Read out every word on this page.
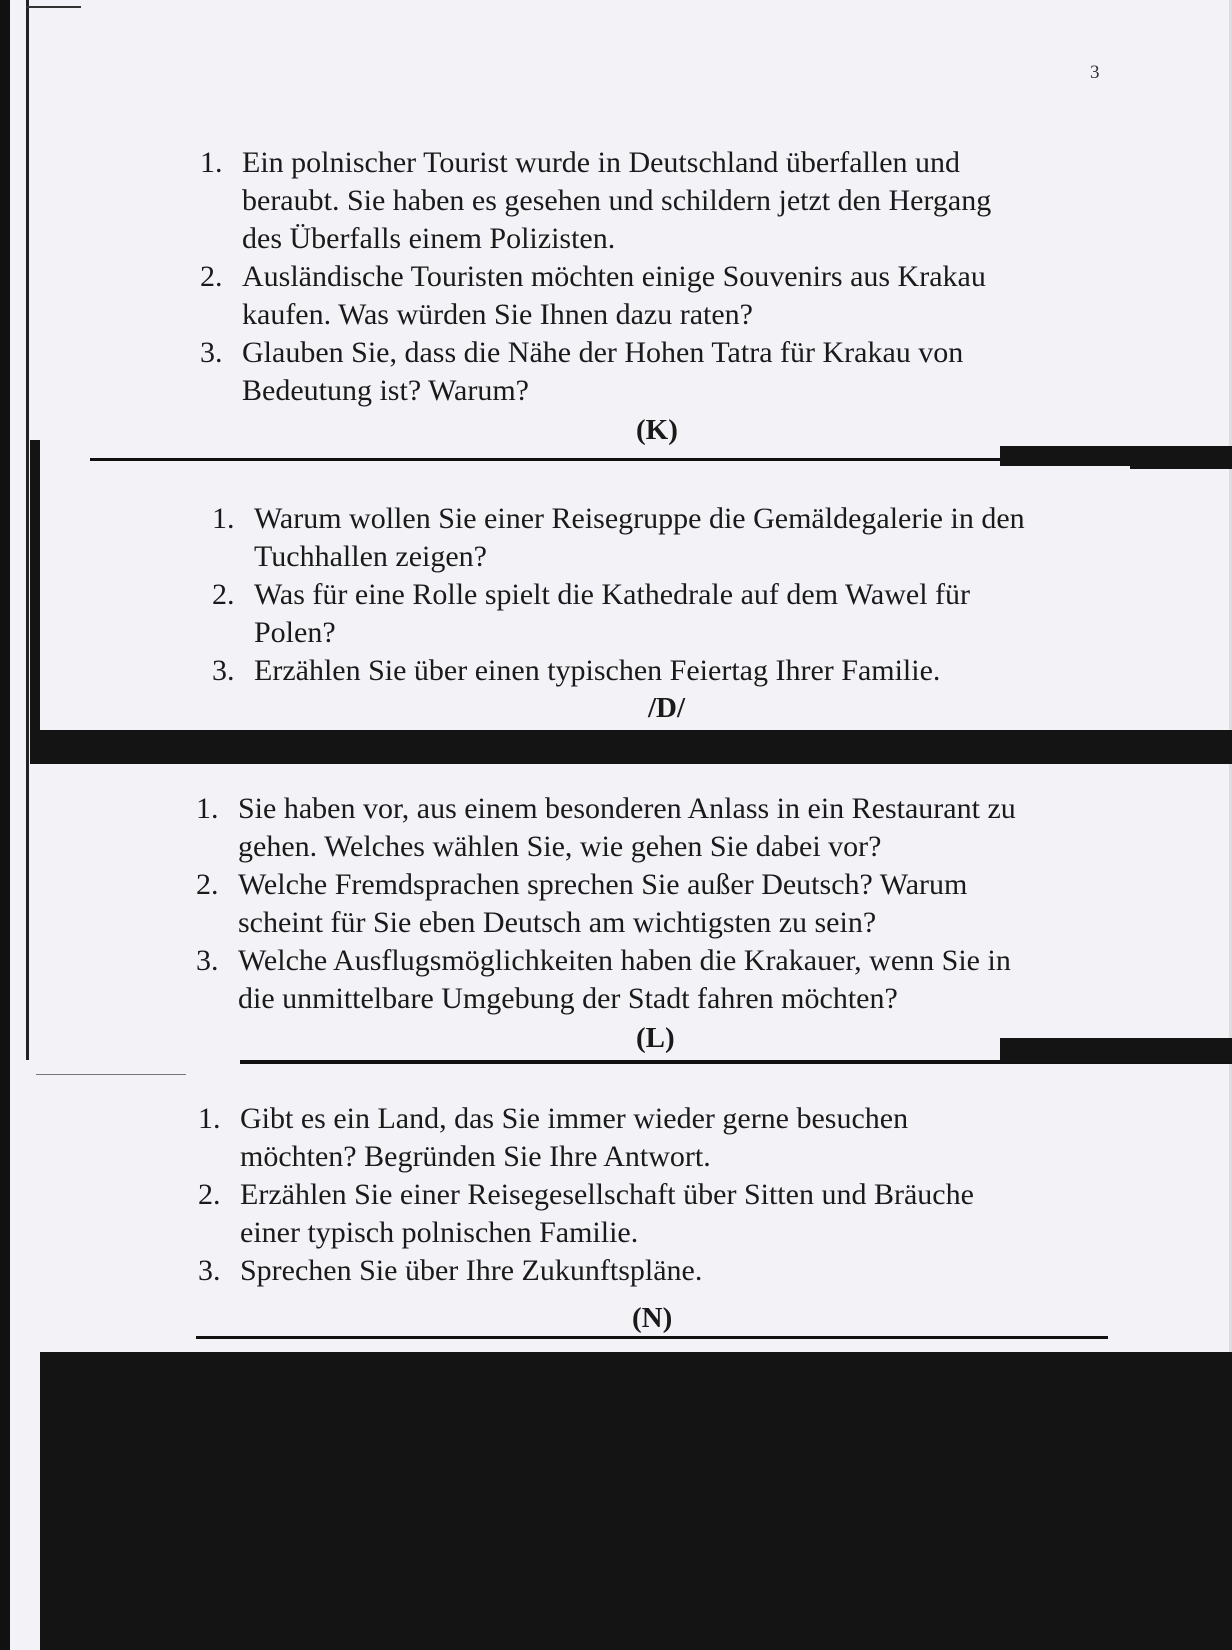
3
1. Ein polnischer Tourist wurde in Deutschland überfallen und
beraubt. Sie haben es gesehen und schildern jetzt den Hergang
des Überfalls einem Polizisten.
2. Ausländische Touristen möchten einige Souvenirs aus Krakau
kaufen. Was würden Sie Ihnen dazu raten?
3. Glauben Sie, dass die Nähe der Hohen Tatra für Krakau von
Bedeutung ist? Warum?
(K)
1. Warum wollen Sie einer Reisegruppe die Gemäldegalerie in den
Tuchhallen zeigen?
2. Was für eine Rolle spielt die Kathedrale auf dem Wawel für
Polen?
3. Erzählen Sie über einen typischen Feiertag Ihrer Familie.
/D/
1. Sie haben vor, aus einem besonderen Anlass in ein Restaurant zu
gehen. Welches wählen Sie, wie gehen Sie dabei vor?
2. Welche Fremdsprachen sprechen Sie außer Deutsch? Warum
scheint für Sie eben Deutsch am wichtigsten zu sein?
3. Welche Ausflugsmöglichkeiten haben die Krakauer, wenn Sie in
die unmittelbare Umgebung der Stadt fahren möchten?
(L)
1. Gibt es ein Land, das Sie immer wieder gerne besuchen
möchten? Begründen Sie Ihre Antwort.
2. Erzählen Sie einer Reisegesellschaft über Sitten und Bräuche
einer typisch polnischen Familie.
3. Sprechen Sie über Ihre Zukunftspläne.
(N)
